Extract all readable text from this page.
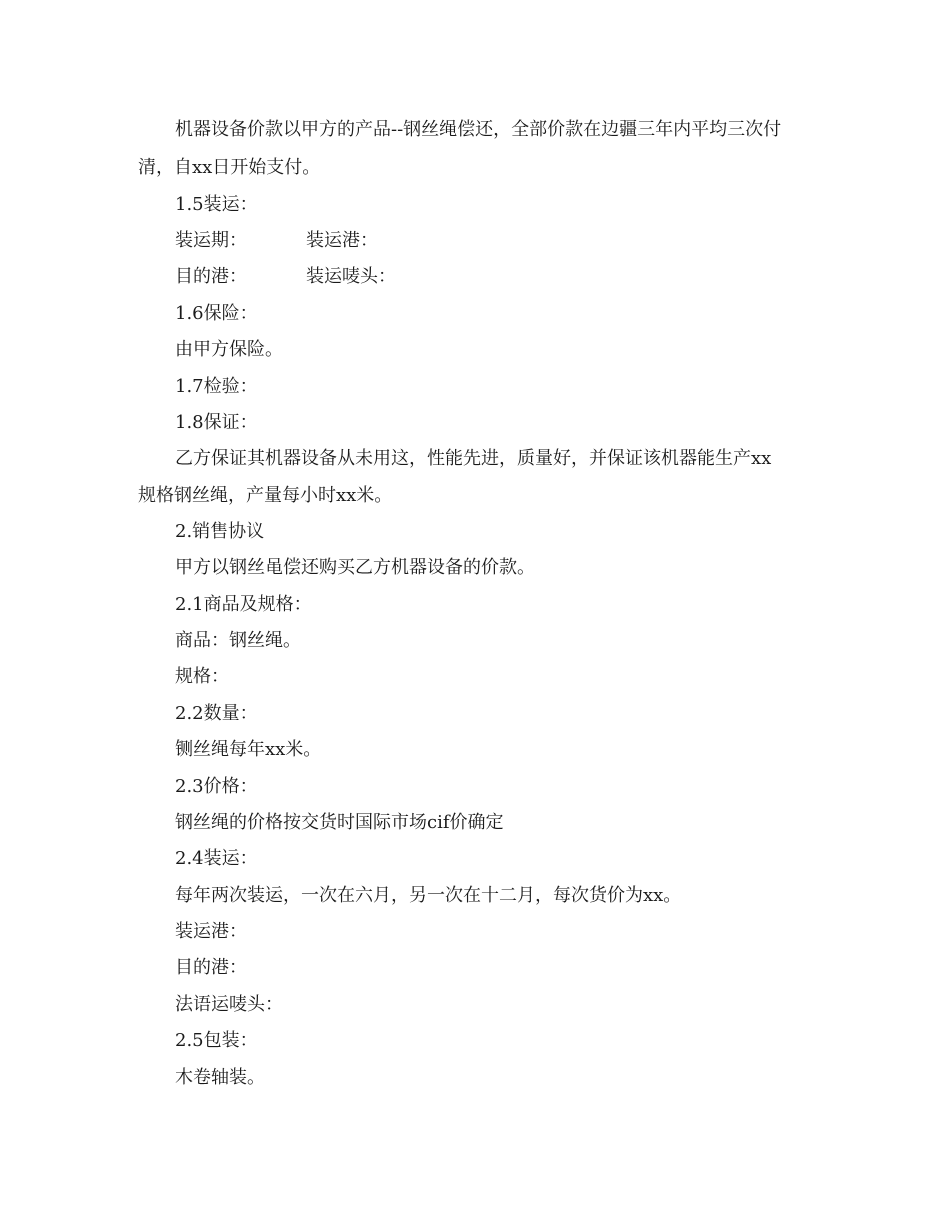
机器设备价款以甲方的产品--钢丝绳偿还，全部价款在边疆三年内平均三次付
清，自xx日开始支付。
1.5装运：
装运期：	装运港：
目的港：	装运唛头：
1.6保险：
由甲方保险。
1.7检验：
1.8保证：
乙方保证其机器设备从未用这，性能先进，质量好，并保证该机器能生产xx
规格钢丝绳，产量每小时xx米。
2.销售协议
甲方以钢丝黾偿还购买乙方机器设备的价款。
2.1商品及规格：
商品：钢丝绳。
规格：
2.2数量：
铡丝绳每年xx米。
2.3价格：
钢丝绳的价格按交货时国际市场cif价确定
2.4装运：
每年两次装运，一次在六月，另一次在十二月，每次货价为xx。
装运港：
目的港：
法语运唛头：
2.5包装：
木卷轴装。
